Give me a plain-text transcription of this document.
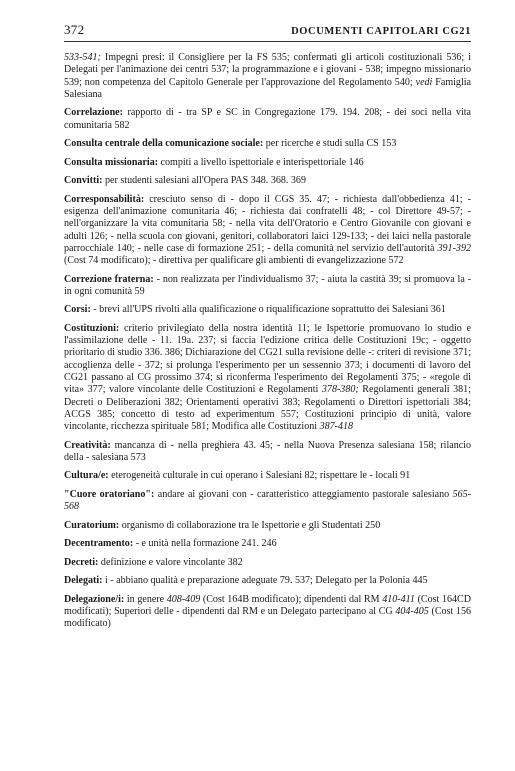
372	DOCUMENTI CAPITOLARI CG21

533-541; Impegni presi: il Consigliere per la FS 535; confermati gli articoli costituzionali 536; i Delegati per l'animazione dei centri 537; la programmazione e i giovani - 538; impegno missionario 539; non competenza del Capitolo Generale per l'approvazione del Regolamento 540; vedi Famiglia Salesiana

Correlazione: rapporto di - tra SP e SC in Congregazione 179. 194. 208; - dei soci nella vita comunitaria 582

Consulta centrale della comunicazione sociale: per ricerche e studi sulla CS 153

Consulta missionaria: compiti a livello ispettoriale e interispettoriale 146

Convitti: per studenti salesiani all'Opera PAS 348. 368. 369

Corresponsabilità: cresciuto senso di - dopo il CGS 35. 47; - richiesta dall'obbedienza 41; - esigenza dell'animazione comunitaria 46; - richiesta dai confratelli 48; - col Direttore 49-57; - nell'organizzare la vita comunitaria 58; - nella vita dell'Oratorio e Centro Giovanile con giovani e adulti 126; - nella scuola con giovani, genitori, collaboratori laici 129-133; - dei laici nella pastorale parrocchiale 140; - nelle case di formazione 251; - della comunità nel servizio dell'autorità 391-392 (Cost 74 modificato); - direttiva per qualificare gli ambienti di evangelizzazione 572

Correzione fraterna: - non realizzata per l'individualismo 37; - aiuta la castità 39; si promuova la - in ogni comunità 59

Corsi: - brevi all'UPS rivolti alla qualificazione o riqualificazione soprattutto dei Salesiani 361

Costituzioni: criterio privilegiato della nostra identità 11; le Ispettorie promuovano lo studio e l'assimilazione delle - 11. 19a. 237; si faccia l'edizione critica delle Costituzioni 19c; - oggetto prioritario di studio 336. 386; Dichiarazione del CG21 sulla revisione delle -: criteri di revisione 371; accoglienza delle - 372; si prolunga l'esperimento per un sessennio 373; i documenti di lavoro del CG21 passano al CG prossimo 374; si riconferma l'esperimento dei Regolamenti 375; - «regole di vita» 377; valore vincolante delle Costituzioni e Regolamenti 378-380; Regolamenti generali 381; Decreti o Deliberazioni 382; Orientamenti operativi 383; Regolamenti o Direttori ispettoriali 384; ACGS 385; concetto di testo ad experimentum 557; Costituzioni principio di unità, valore vincolante, ricchezza spirituale 581; Modifica alle Costituzioni 387-418

Creatività: mancanza di - nella preghiera 43. 45; - nella Nuova Presenza salesiana 158; rilancio della - salesiana 573

Cultura/e: eterogeneità culturale in cui operano i Salesiani 82; rispettare le - locali 91

"Cuore oratoriano": andare ai giovani con - caratteristico atteggiamento pastorale salesiano 565-568

Curatorium: organismo di collaborazione tra le Ispettorie e gli Studentati 250

Decentramento: - e unità nella formazione 241. 246

Decreti: definizione e valore vincolante 382

Delegati: i - abbiano qualità e preparazione adeguate 79. 537; Delegato per la Polonia 445

Delegazione/i: in genere 408-409 (Cost 164B modificato); dipendenti dal RM 410-411 (Cost 164CD modificati); Superiori delle - dipendenti dal RM e un Delegato partecipano al CG 404-405 (Cost 156 modificato)
